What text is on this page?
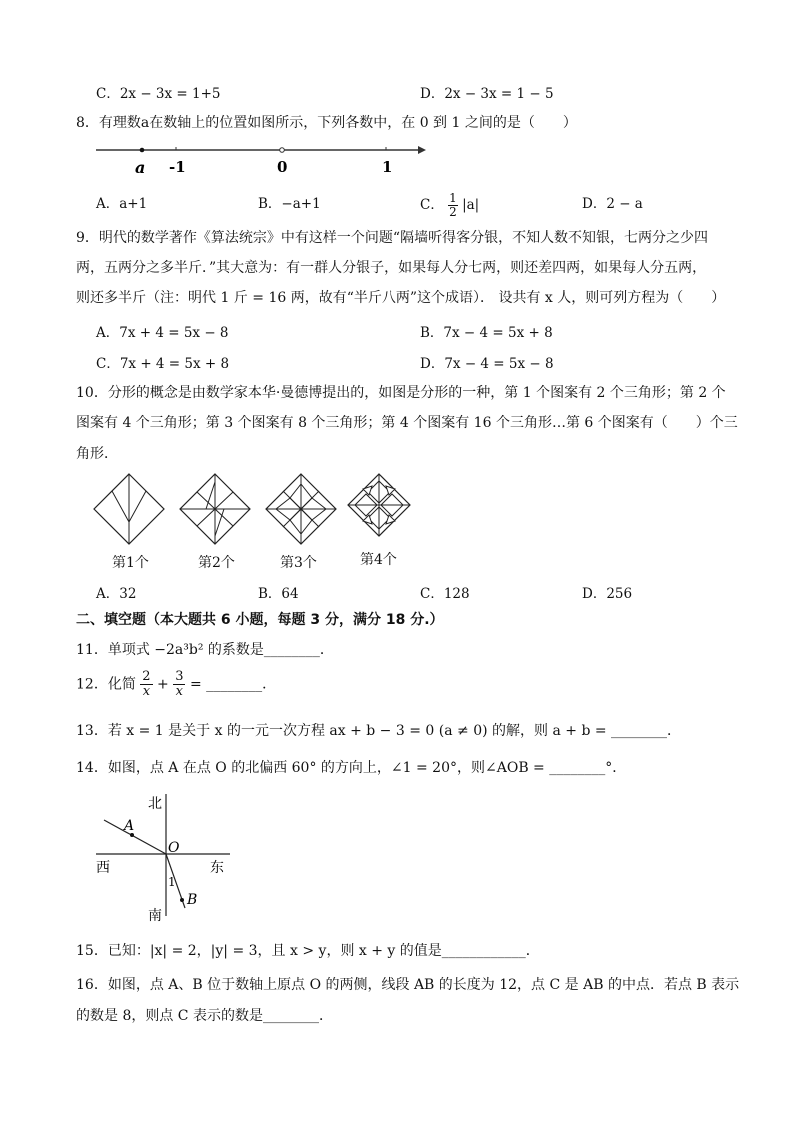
C．2x − 3x = 1+5	D．2x − 3x = 1 − 5
8．有理数a在数轴上的位置如图所示，下列各数中，在 0 到 1 之间的是（　　）
a -1	0	1
A．a+1	B．−a+1	C． $\frac{1}{2} |a|$	D．2 − a
9．明代的数学著作《算法统宗》中有这样一个问题“隔墙听得客分银，不知人数不知银，七两分之少四
两，五两分之多半斤．”其大意为：有一群人分银子，如果每人分七两，则还差四两，如果每人分五两，
则还多半斤（注：明代 1 斤 = 16 两，故有“半斤八两”这个成语）． 设共有 x 人，则可列方程为（　　）
A．7x + 4 = 5x − 8	B．7x − 4 = 5x + 8
C．7x + 4 = 5x + 8	D．7x − 4 = 5x − 8
10．分形的概念是由数学家本华·曼德博提出的，如图是分形的一种，第 1 个图案有 2 个三角形；第 2 个
图案有 4 个三角形；第 3 个图案有 8 个三角形；第 4 个图案有 16 个三角形…第 6 个图案有（　　）个三
角形．
第1个	第2个	第3个	第4个
A．32	B．64	C．128	D．256
二、填空题（本大题共 6 小题，每题 3 分，满分 18 分.）
11．单项式 −2a³b² 的系数是________．
12．化简 $\frac{2}{x} + \frac{3}{x}$ = ________．
13．若 x = 1 是关于 x 的一元一次方程 ax + b − 3 = 0 (a ≠ 0) 的解，则 a + b = ________．
14．如图，点 A 在点 O 的北偏西 60° 的方向上，∠1 = 20°，则∠AOB = ________°．
北
南
西	东
A
O
B
1
15．已知：|x| = 2，|y| = 3，且 x > y，则 x + y 的值是____________．
16．如图，点 A、B 位于数轴上原点 O 的两侧，线段 AB 的长度为 12，点 C 是 AB 的中点．若点 B 表示
的数是 8，则点 C 表示的数是________．
